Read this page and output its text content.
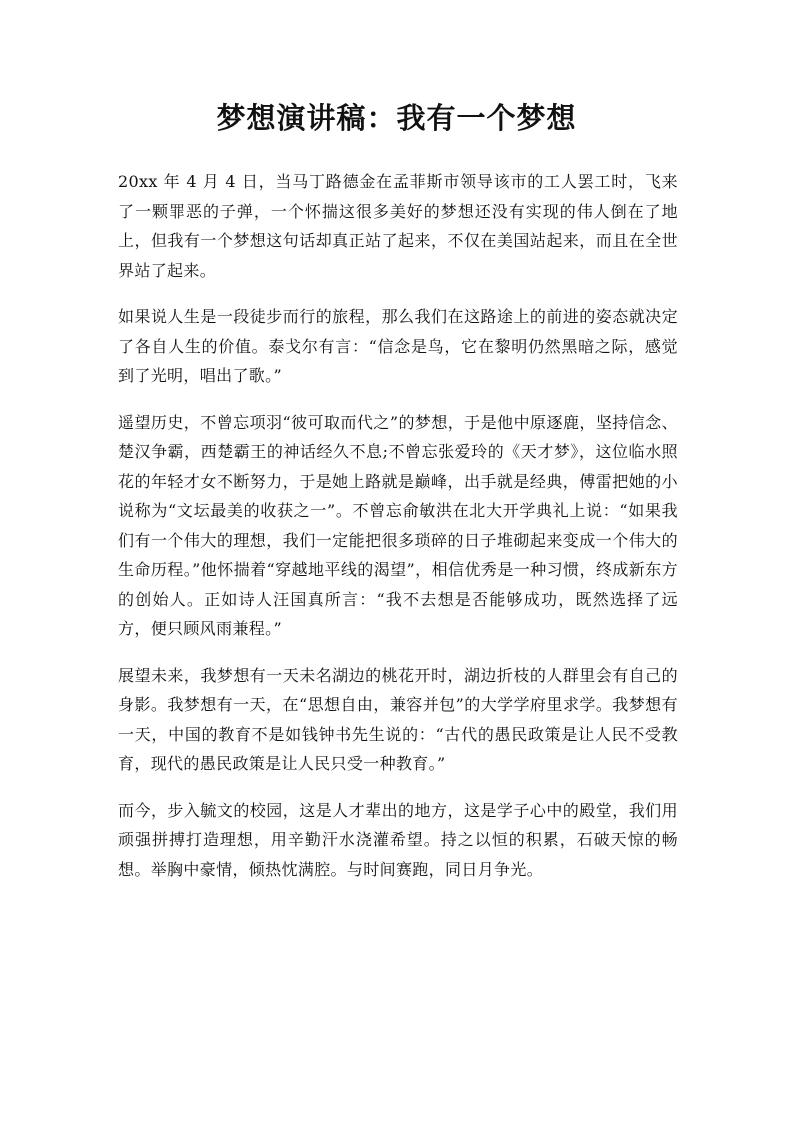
梦想演讲稿：我有一个梦想

20xx 年 4 月 4 日，当马丁路德金在孟菲斯市领导该市的工人罢工时，飞来了一颗罪恶的子弹，一个怀揣这很多美好的梦想还没有实现的伟人倒在了地上，但我有一个梦想这句话却真正站了起来，不仅在美国站起来，而且在全世界站了起来。

如果说人生是一段徒步而行的旅程，那么我们在这路途上的前进的姿态就决定了各自人生的价值。泰戈尔有言：“信念是鸟，它在黎明仍然黑暗之际，感觉到了光明，唱出了歌。”

遥望历史，不曾忘项羽“彼可取而代之”的梦想，于是他中原逐鹿，坚持信念、楚汉争霸，西楚霸王的神话经久不息;不曾忘张爱玲的《天才梦》，这位临水照花的年轻才女不断努力，于是她上路就是巅峰，出手就是经典，傅雷把她的小说称为“文坛最美的收获之一”。不曾忘俞敏洪在北大开学典礼上说：“如果我们有一个伟大的理想，我们一定能把很多琐碎的日子堆砌起来变成一个伟大的生命历程。”他怀揣着“穿越地平线的渴望”，相信优秀是一种习惯，终成新东方的创始人。正如诗人汪国真所言：“我不去想是否能够成功，既然选择了远方，便只顾风雨兼程。”

展望未来，我梦想有一天未名湖边的桃花开时，湖边折枝的人群里会有自己的身影。我梦想有一天，在“思想自由，兼容并包”的大学学府里求学。我梦想有一天，中国的教育不是如钱钟书先生说的：“古代的愚民政策是让人民不受教育，现代的愚民政策是让人民只受一种教育。”

而今，步入毓文的校园，这是人才辈出的地方，这是学子心中的殿堂，我们用顽强拼搏打造理想，用辛勤汗水浇灌希望。持之以恒的积累，石破天惊的畅想。举胸中豪情，倾热忱满腔。与时间赛跑，同日月争光。
